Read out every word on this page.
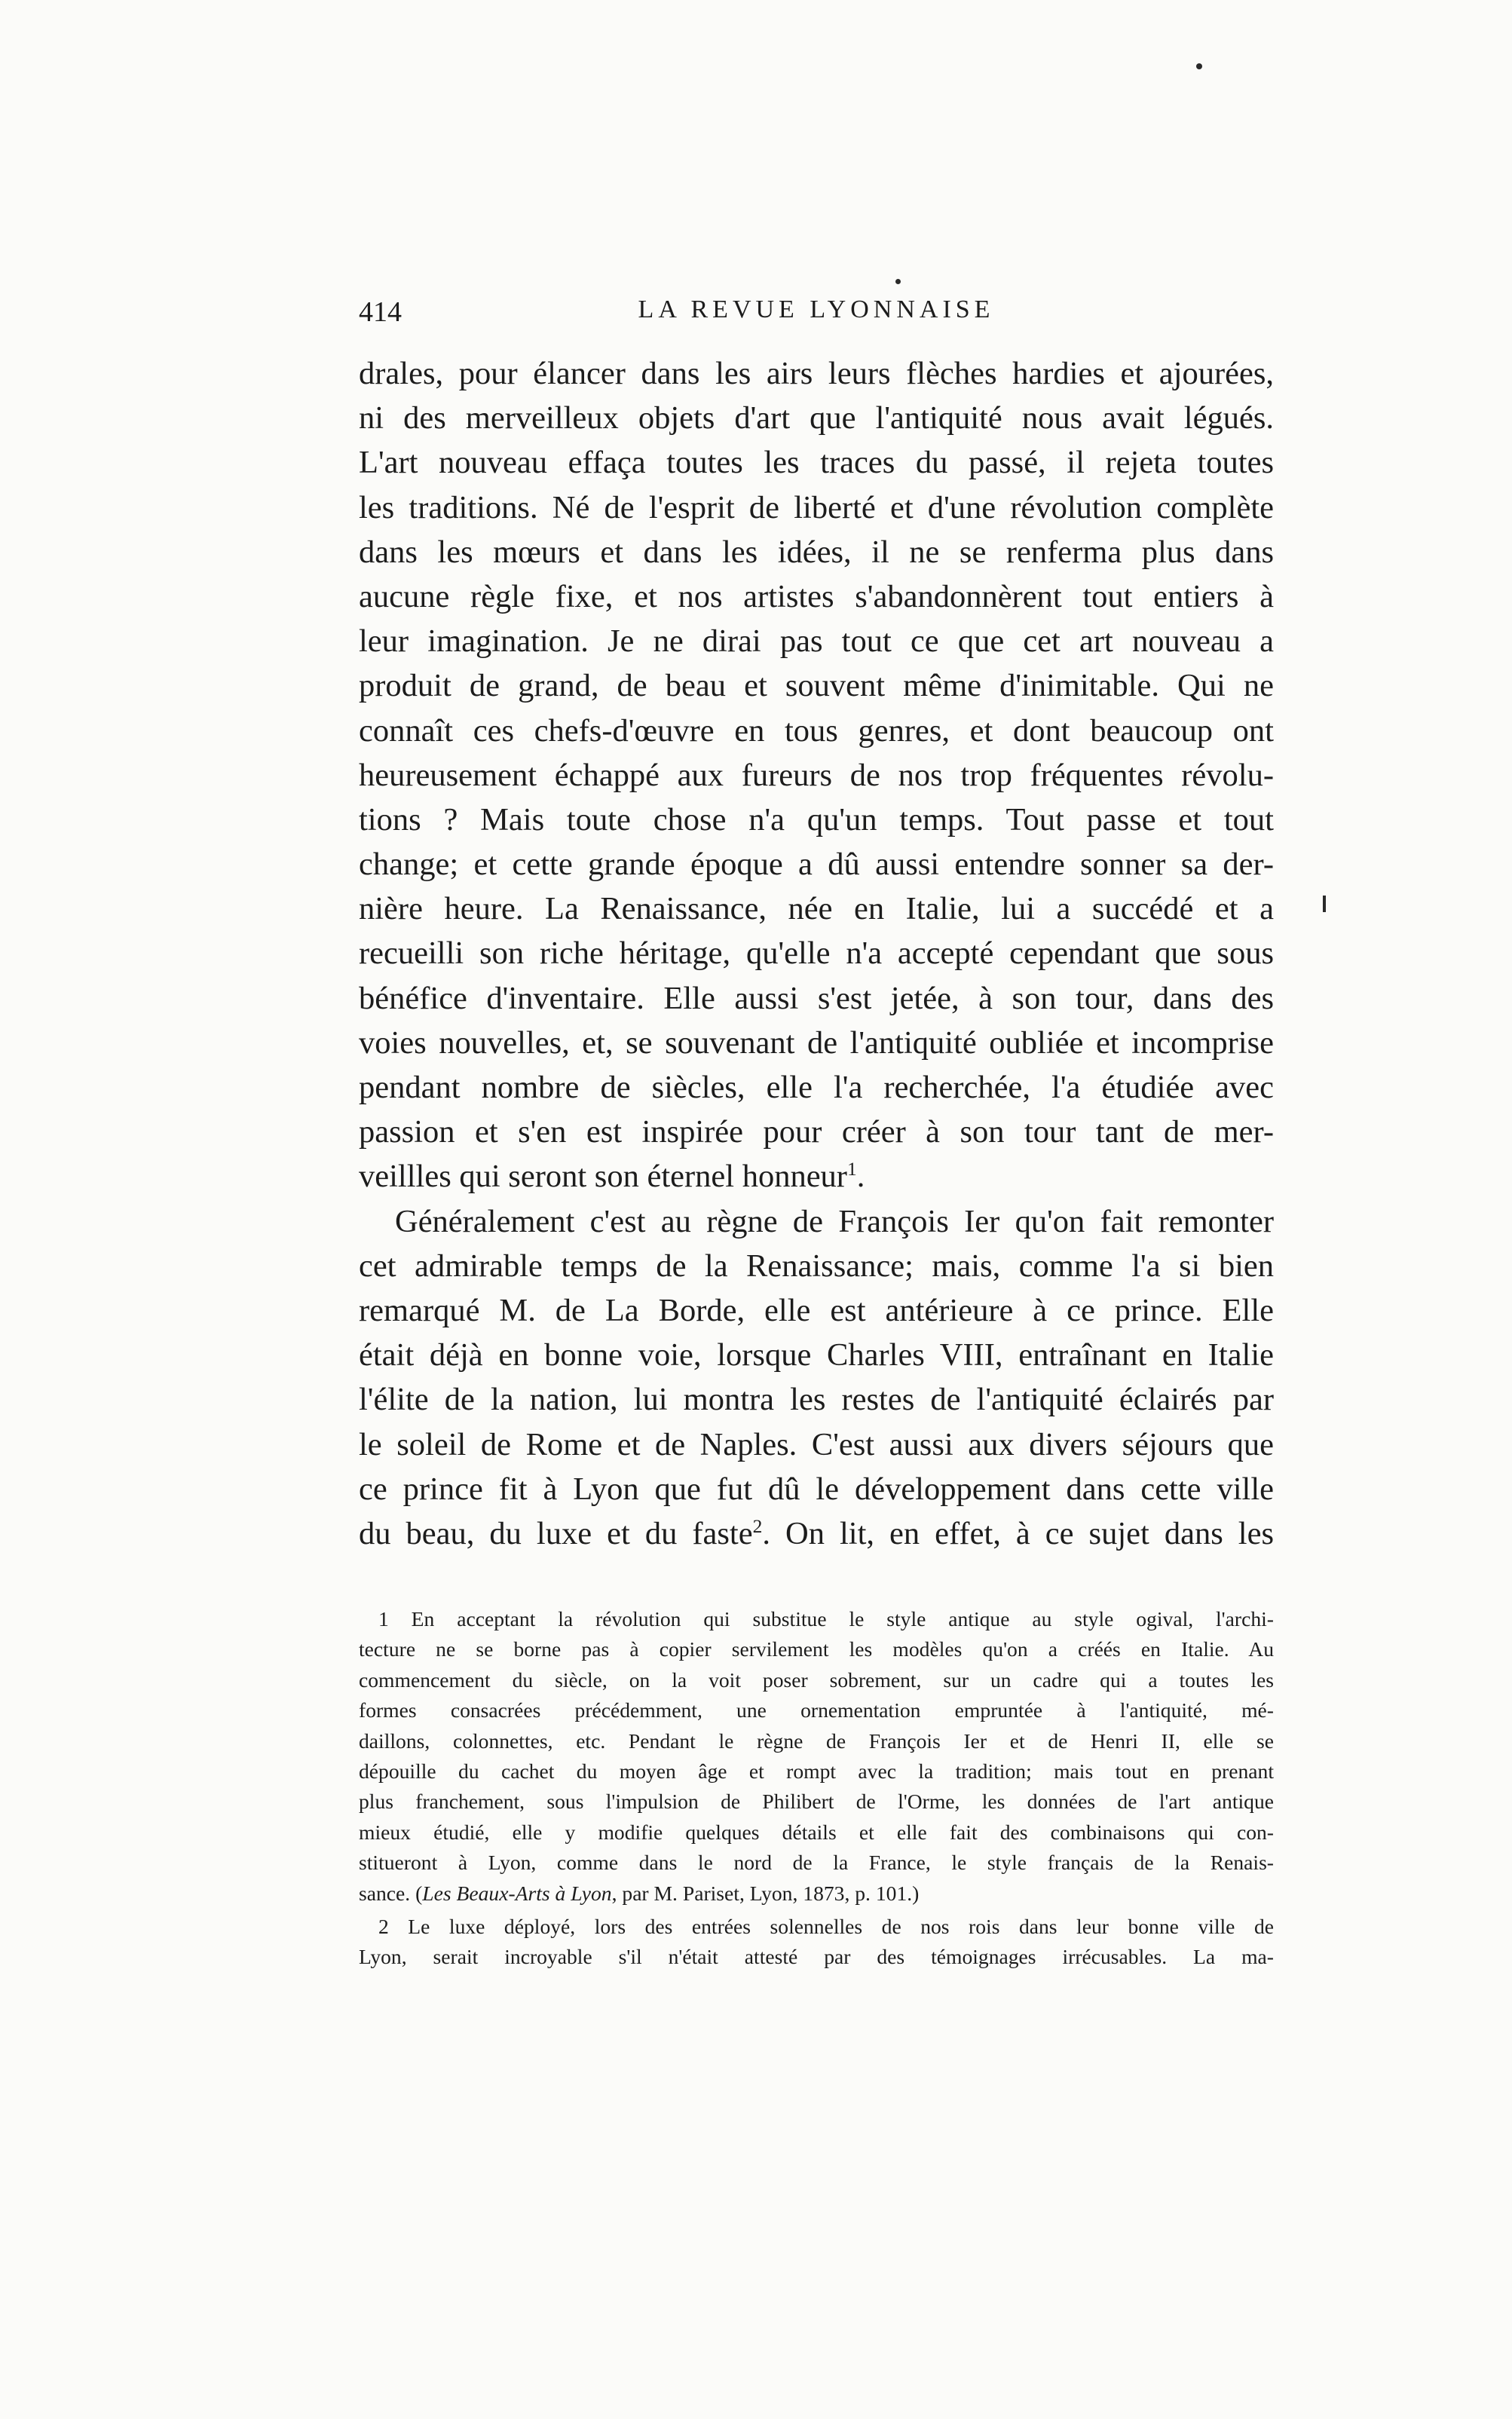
414	LA REVUE LYONNAISE
drales, pour élancer dans les airs leurs flèches hardies et ajourées,
ni des merveilleux objets d'art que l'antiquité nous avait légués.
L'art nouveau effaça toutes les traces du passé, il rejeta toutes
les traditions. Né de l'esprit de liberté et d'une révolution complète
dans les mœurs et dans les idées, il ne se renferma plus dans
aucune règle fixe, et nos artistes s'abandonnèrent tout entiers à
leur imagination. Je ne dirai pas tout ce que cet art nouveau a
produit de grand, de beau et souvent même d'inimitable. Qui ne
connaît ces chefs-d'œuvre en tous genres, et dont beaucoup ont
heureusement échappé aux fureurs de nos trop fréquentes révolu-
tions ? Mais toute chose n'a qu'un temps. Tout passe et tout
change; et cette grande époque a dû aussi entendre sonner sa der-
nière heure. La Renaissance, née en Italie, lui a succédé et a
recueilli son riche héritage, qu'elle n'a accepté cependant que sous
bénéfice d'inventaire. Elle aussi s'est jetée, à son tour, dans des
voies nouvelles, et, se souvenant de l'antiquité oubliée et incomprise
pendant nombre de siècles, elle l'a recherchée, l'a étudiée avec
passion et s'en est inspirée pour créer à son tour tant de mer-
veillles qui seront son éternel honneur$^1$.
Généralement c'est au règne de François Ier qu'on fait remonter
cet admirable temps de la Renaissance; mais, comme l'a si bien
remarqué M. de La Borde, elle est antérieure à ce prince. Elle
était déjà en bonne voie, lorsque Charles VIII, entraînant en Italie
l'élite de la nation, lui montra les restes de l'antiquité éclairés par
le soleil de Rome et de Naples. C'est aussi aux divers séjours que
ce prince fit à Lyon que fut dû le développement dans cette ville
du beau, du luxe et du faste$^2$. On lit, en effet, à ce sujet dans les
1 En acceptant la révolution qui substitue le style antique au style ogival, l'archi-
tecture ne se borne pas à copier servilement les modèles qu'on a créés en Italie. Au
commencement du siècle, on la voit poser sobrement, sur un cadre qui a toutes les
formes consacrées précédemment, une ornementation empruntée à l'antiquité, mé-
daillons, colonnettes, etc. Pendant le règne de François Ier et de Henri II, elle se
dépouille du cachet du moyen âge et rompt avec la tradition; mais tout en prenant
plus franchement, sous l'impulsion de Philibert de l'Orme, les données de l'art antique
mieux étudié, elle y modifie quelques détails et elle fait des combinaisons qui con-
stitueront à Lyon, comme dans le nord de la France, le style français de la Renais-
sance. (Les Beaux-Arts à Lyon, par M. Pariset, Lyon, 1873, p. 101.)
2 Le luxe déployé, lors des entrées solennelles de nos rois dans leur bonne ville de
Lyon, serait incroyable s'il n'était attesté par des témoignages irrécusables. La ma-
